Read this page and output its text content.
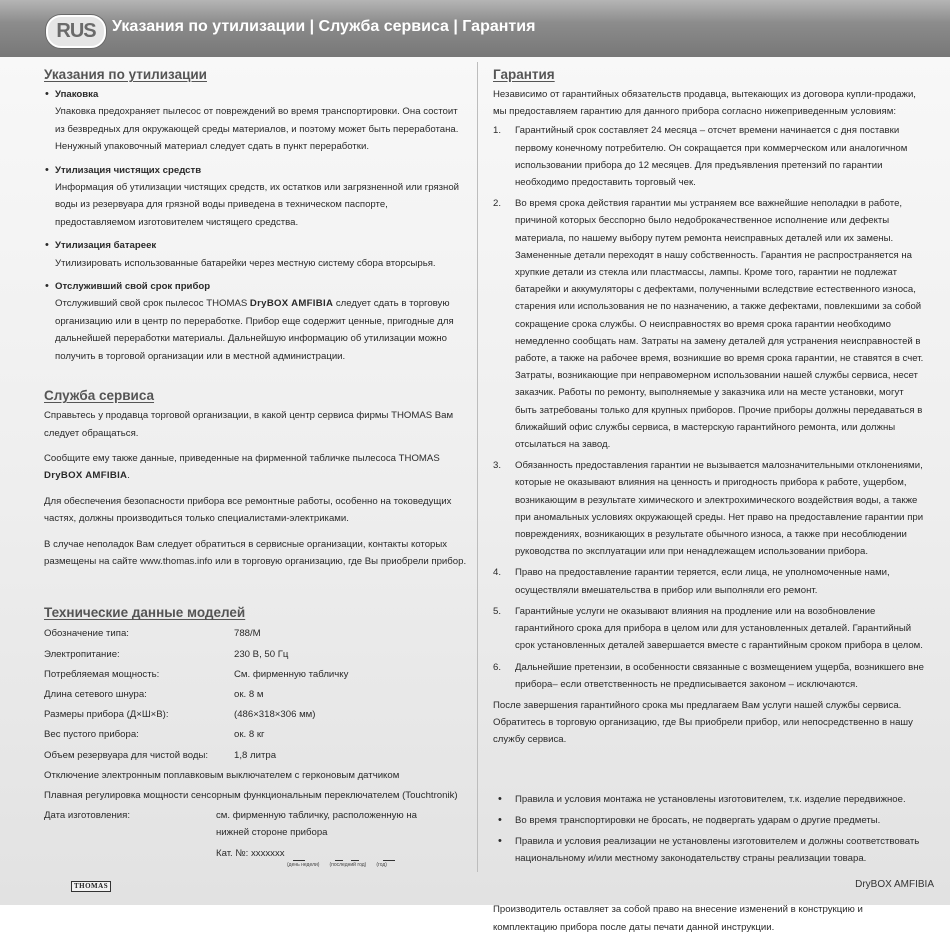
RUS	Указания по утилизации | Служба сервиса | Гарантия
Указания по утилизации
• Упаковка
Упаковка предохраняет пылесос от повреждений во время транспортировки. Она состоит из безвредных для окружающей среды материалов, и поэтому может быть переработана. Ненужный упаковочный материал следует сдать в пункт переработки.
• Утилизация чистящих средств
Информация об утилизации чистящих средств, их остатков или загрязненной или грязной воды из резервуара для грязной воды приведена в техническом паспорте, предоставляемом изготовителем чистящего средства.
• Утилизация батареек
Утилизировать использованные батарейки через местную систему сбора вторсырья.
• Отслуживший свой срок прибор
Отслуживший свой срок пылесос THOMAS DryBOX AMFIBIA следует сдать в торговую организацию или в центр по переработке. Прибор еще содержит ценные, пригодные для дальнейшей переработки материалы. Дальнейшую информацию об утилизации можно получить в торговой организации или в местной администрации.
Служба сервиса
Справьтесь у продавца торговой организации, в какой центр сервиса фирмы THOMAS Вам следует обращаться.
Сообщите ему также данные, приведенные на фирменной табличке пылесоса THOMAS DryBOX AMFIBIA.
Для обеспечения безопасности прибора все ремонтные работы, особенно на токоведущих частях, должны производиться только специалистами-электриками.
В случае неполадок Вам следует обратиться в сервисные организации, контакты которых размещены на сайте www.thomas.info или в торговую организацию, где Вы приобрели прибор.
Технические данные моделей
Обозначение типа:	788/M
Электропитание:	230 В, 50 Гц
Потребляемая мощность:	См. фирменную табличку
Длина сетевого шнура:	ок. 8 м
Размеры прибора (Д×Ш×В):	(486×318×306 мм)
Вес пустого прибора:	ок. 8 кг
Объем резервуара для чистой воды:	1,8 литра
Отключение электронным поплавковым выключателем с герконовым датчиком
Плавная регулировка мощности сенсорным функциональным переключателем (Touchtronik)
Дата изготовления:	см. фирменную табличку, расположенную на нижней стороне прибора
Кат. №: xxxxxxx
(день недели) (последний год) (год)
Гарантия
Независимо от гарантийных обязательств продавца, вытекающих из договора купли-продажи, мы предоставляем гарантию для данного прибора согласно нижеприведенным условиям:
1. Гарантийный срок составляет 24 месяца – отсчет времени начинается с дня поставки первому конечному потребителю. Он сокращается при коммерческом или аналогичном использовании прибора до 12 месяцев. Для предъявления претензий по гарантии необходимо предоставить торговый чек.
2. Во время срока действия гарантии мы устраняем все важнейшие неполадки в работе, причиной которых бесспорно было недоброкачественное исполнение или дефекты материала, по нашему выбору путем ремонта неисправных деталей или их замены. Замененные детали переходят в нашу собственность. Гарантия не распространяется на хрупкие детали из стекла или пластмассы, лампы. Кроме того, гарантии не подлежат батарейки и аккумуляторы с дефектами, полученными вследствие естественного износа, старения или использования не по назначению, а также дефектами, повлекшими за собой сокращение срока службы. О неисправностях во время срока гарантии необходимо немедленно сообщать нам. Затраты на замену деталей для устранения неисправностей в работе, а также на рабочее время, возникшие во время срока гарантии, не ставятся в счет. Затраты, возникающие при неправомерном использовании нашей службы сервиса, несет заказчик. Работы по ремонту, выполняемые у заказчика или на месте установки, могут быть затребованы только для крупных приборов. Прочие приборы должны передаваться в ближайший офис службы сервиса, в мастерскую гарантийного ремонта, или должны отсылаться на завод.
3. Обязанность предоставления гарантии не вызывается малозначительными отклонениями, которые не оказывают влияния на ценность и пригодность прибора к работе, ущербом, возникающим в результате химического и электрохимического воздействия воды, а также при аномальных условиях окружающей среды. Нет право на предоставление гарантии при повреждениях, возникающих в результате обычного износа, а также при несоблюдении руководства по эксплуатации или при ненадлежащем использовании прибора.
4. Право на предоставление гарантии теряется, если лица, не уполномоченные нами, осуществляли вмешательства в прибор или выполняли его ремонт.
5. Гарантийные услуги не оказывают влияния на продление или на возобновление гарантийного срока для прибора в целом или для установленных деталей. Гарантийный срок установленных деталей завершается вместе с гарантийным сроком прибора в целом.
6. Дальнейшие претензии, в особенности связанные с возмещением ущерба, возникшего вне прибора– если ответственность не предписывается законом – исключаются.
После завершения гарантийного срока мы предлагаем Вам услуги нашей службы сервиса. Обратитесь в торговую организацию, где Вы приобрели прибор, или непосредственно в нашу службу сервиса.
• Правила и условия монтажа не установлены изготовителем, т.к. изделие передвижное.
• Во время транспортировки не бросать, не подвергать ударам о другие предметы.
• Правила и условия реализации не установлены изготовителем и должны соответствовать национальному и/или местному законодательству страны реализации товара.
Производитель оставляет за собой право на внесение изменений в конструкцию и комплектацию прибора после даты печати данной инструкции.
THOMAS	DryBOX AMFIBIA
